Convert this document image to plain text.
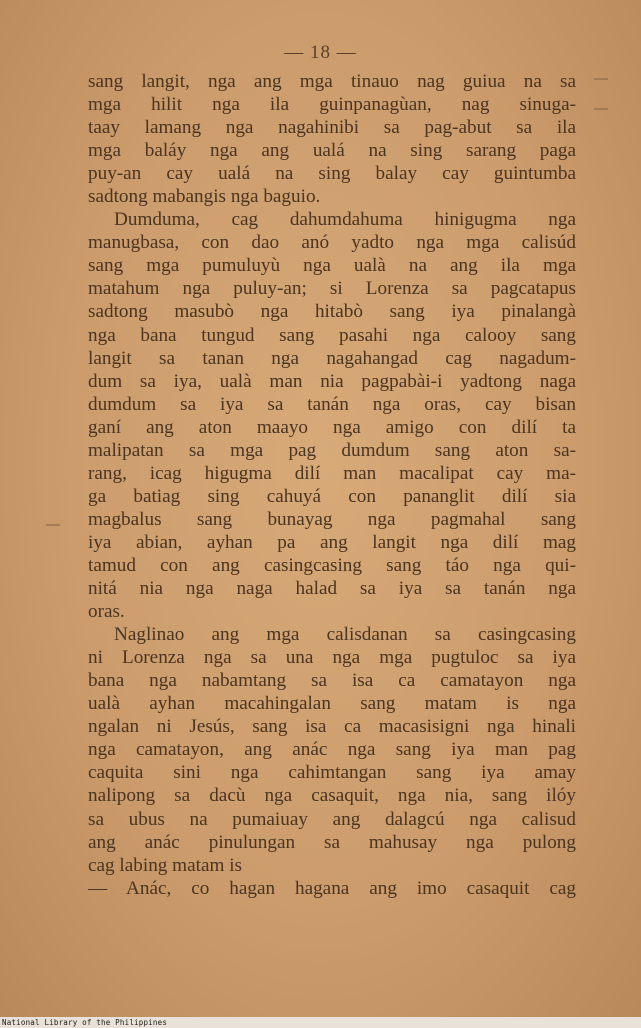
— 18 —
sang langit, nga ang mga tinauo nag guiua na sa
mga hilit nga ila guinpanagùan, nag sinuga-
taay lamang nga nagahinibi sa pag-abut sa ila
mga baláy nga ang ualá na sing sarang paga
puy-an cay ualá na sing balay cay guintumba
sadtong mabangis nga baguio.
Dumduma, cag dahumdahuma hinigugma nga
manugbasa, con dao anó yadto nga mga calisúd
sang mga pumuluyù nga ualà na ang ila mga
matahum nga puluy-an; si Lorenza sa pagcatapus
sadtong masubò nga hitabò sang iya pinalangà
nga bana tungud sang pasahi nga calooy sang
langit sa tanan nga nagahangad cag nagadum-
dum sa iya, ualà man nia pagpabài-i yadtong naga
dumdum sa iya sa tanán nga oras, cay bisan
ganí ang aton maayo nga amigo con dilí ta
malipatan sa mga pag dumdum sang aton sa-
rang, icag higugma dilí man macalipat cay ma-
ga batiag sing cahuyá con pananglit dilí sia
magbalus sang bunayag nga pagmahal sang
iya abian, ayhan pa ang langit nga dilí mag
tamud con ang casingcasing sang táo nga qui-
nitá nia nga naga halad sa iya sa tanán nga
oras.
Naglinao ang mga calisdanan sa casingcasing
ni Lorenza nga sa una nga mga pugtuloc sa iya
bana nga nabamtang sa isa ca camatayon nga
ualà ayhan macahingalan sang matam is nga
ngalan ni Jesús, sang isa ca macasisigni nga hinali
nga camatayon, ang anác nga sang iya man pag
caquita sini nga cahimtangan sang iya amay
nalipong sa dacù nga casaquit, nga nia, sang ilóy
sa ubus na pumaiuay ang dalagcú nga calisud
ang anác pinulungan sa mahusay nga pulong
cag labing matam is
— Anác, co hagan hagana ang imo casaquit cag
National Library of the Philippines
